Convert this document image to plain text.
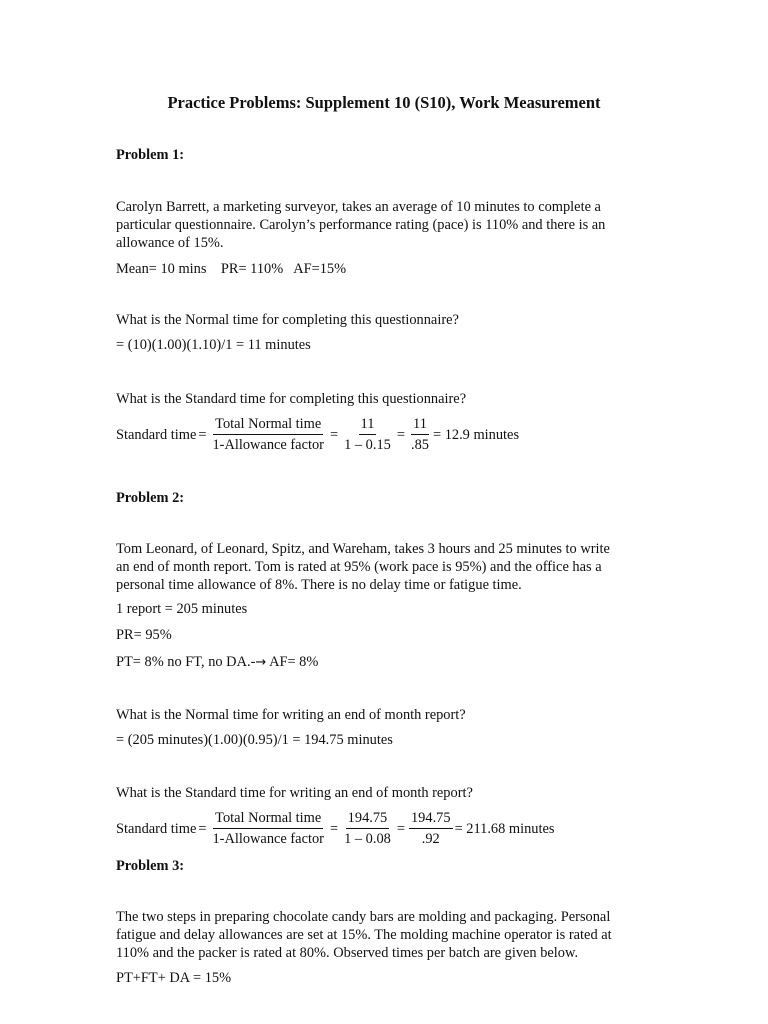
Practice Problems: Supplement 10 (S10), Work Measurement
Problem 1:
Carolyn Barrett, a marketing surveyor, takes an average of 10 minutes to complete a
particular questionnaire. Carolyn’s performance rating (pace) is 110% and there is an
allowance of 15%.
Mean= 10 mins    PR= 110%   AF=15%
What is the Normal time for completing this questionnaire?
= (10)(1.00)(1.10)/1 = 11 minutes
What is the Standard time for completing this questionnaire?
Standard time = $\frac{\text{Total Normal time}}{\text{1-Allowance factor}} = \frac{11}{1 - 0.15} = \frac{11}{.85} = 12.9$ minutes
Problem 2:
Tom Leonard, of Leonard, Spitz, and Wareham, takes 3 hours and 25 minutes to write
an end of month report. Tom is rated at 95% (work pace is 95%) and the office has a
personal time allowance of 8%. There is no delay time or fatigue time.
1 report = 205 minutes
PR= 95%
PT= 8% no FT, no DA.-→ AF= 8%
What is the Normal time for writing an end of month report?
= (205 minutes)(1.00)(0.95)/1 = 194.75 minutes
What is the Standard time for writing an end of month report?
Standard time = $\frac{\text{Total Normal time}}{\text{1-Allowance factor}} = \frac{194.75}{1 - 0.08} = \frac{194.75}{.92} = 211.68$ minutes
Problem 3:
The two steps in preparing chocolate candy bars are molding and packaging. Personal
fatigue and delay allowances are set at 15%. The molding machine operator is rated at
110% and the packer is rated at 80%. Observed times per batch are given below.
PT+FT+ DA = 15%
